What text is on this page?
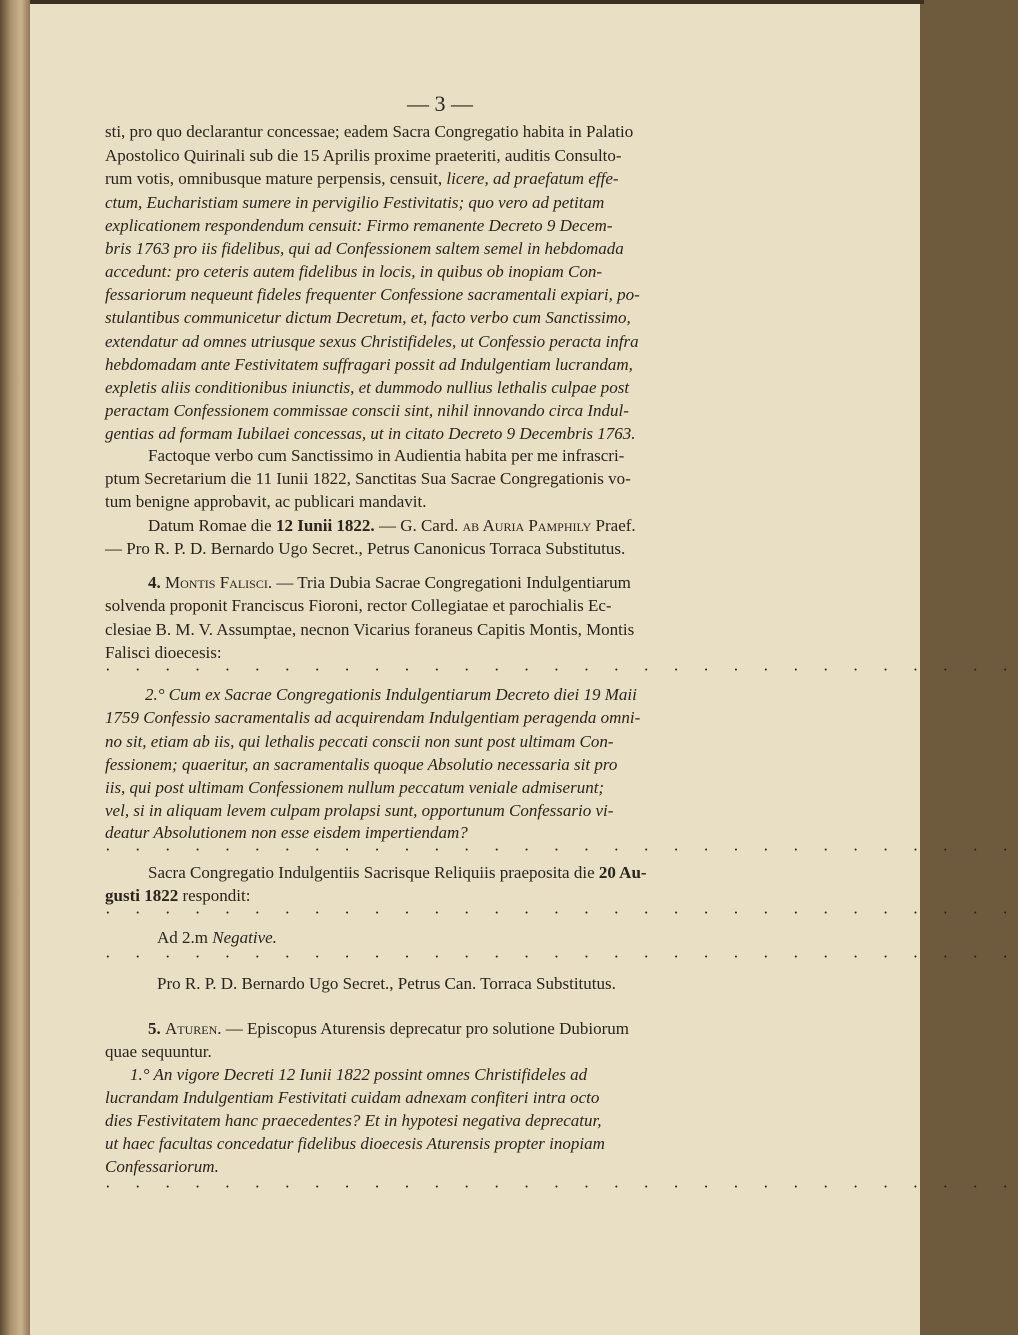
— 3 —
sti, pro quo declarantur concessae; eadem Sacra Congregatio habita in Palatio
Apostolico Quirinali sub die 15 Aprilis proxime praeteriti, auditis Consulto-
rum votis, omnibusque mature perpensis, censuit, licere, ad praefatum effe-
ctum, Eucharistiam sumere in pervigilio Festivitatis; quo vero ad petitam
explicationem respondendum censuit: Firmo remanente Decreto 9 Decem-
bris 1763 pro iis fidelibus, qui ad Confessionem saltem semel in hebdomada
accedunt: pro ceteris autem fidelibus in locis, in quibus ob inopiam Con-
fessariorum nequeunt fideles frequenter Confessione sacramentali expiari, po-
stulantibus communicetur dictum Decretum, et, facto verbo cum Sanctissimo,
extendatur ad omnes utriusque sexus Christifideles, ut Confessio peracta infra
hebdomadam ante Festivitatem suffragari possit ad Indulgentiam lucrandam,
expletis aliis conditionibus iniunctis, et dummodo nullius lethalis culpae post
peractam Confessionem commissae conscii sint, nihil innovando circa Indul-
gentias ad formam Iubilaei concessas, ut in citato Decreto 9 Decembris 1763.
Factoque verbo cum Sanctissimo in Audientia habita per me infrascri-
ptum Secretarium die 11 Iunii 1822, Sanctitas Sua Sacrae Congregationis vo-
tum benigne approbavit, ac publicari mandavit.
Datum Romae die 12 Iunii 1822. — G. Card. ab Auria Pamphily Praef.
— Pro R. P. D. Bernardo Ugo Secret., Petrus Canonicus Torraca Substitutus.
4. Montis Falisci. — Tria Dubia Sacrae Congregationi Indulgentiarum
solvenda proponit Franciscus Fioroni, rector Collegiatae et parochialis Ec-
clesiae B. M. V. Assumptae, necnon Vicarius foraneus Capitis Montis, Montis
Falisci dioecesis:
· · · · · · · · · · · · · · · · · · · · · · · · · · · · · · ·
2.° Cum ex Sacrae Congregationis Indulgentiarum Decreto diei 19 Maii
1759 Confessio sacramentalis ad acquirendam Indulgentiam peragenda omni-
no sit, etiam ab iis, qui lethalis peccati conscii non sunt post ultimam Con-
fessionem; quaeritur, an sacramentalis quoque Absolutio necessaria sit pro
iis, qui post ultimam Confessionem nullum peccatum veniale admiserunt;
vel, si in aliquam levem culpam prolapsi sunt, opportunum Confessario vi-
deatur Absolutionem non esse eisdem impertiendam?
· · · · · · · · · · · · · · · · · · · · · · · · · · · · · · ·
Sacra Congregatio Indulgentiis Sacrisque Reliquiis praeposita die 20 Au-
gusti 1822 respondit:
· · · · · · · · · · · · · · · · · · · · · · · · · · · · · · ·
Ad 2.m Negative.
· · · · · · · · · · · · · · · · · · · · · · · · · · · · · · ·
Pro R. P. D. Bernardo Ugo Secret., Petrus Can. Torraca Substitutus.
5. Aturen. — Episcopus Aturensis deprecatur pro solutione Dubiorum
quae sequuntur.
1.° An vigore Decreti 12 Iunii 1822 possint omnes Christifideles ad
lucrandam Indulgentiam Festivitati cuidam adnexam confiteri intra octo
dies Festivitatem hanc praecedentes? Et in hypotesi negativa deprecatur,
ut haec facultas concedatur fidelibus dioecesis Aturensis propter inopiam
Confessariorum.
· · · · · · · · · · · · · · · · · · · · · · · · · · · · · · ·
